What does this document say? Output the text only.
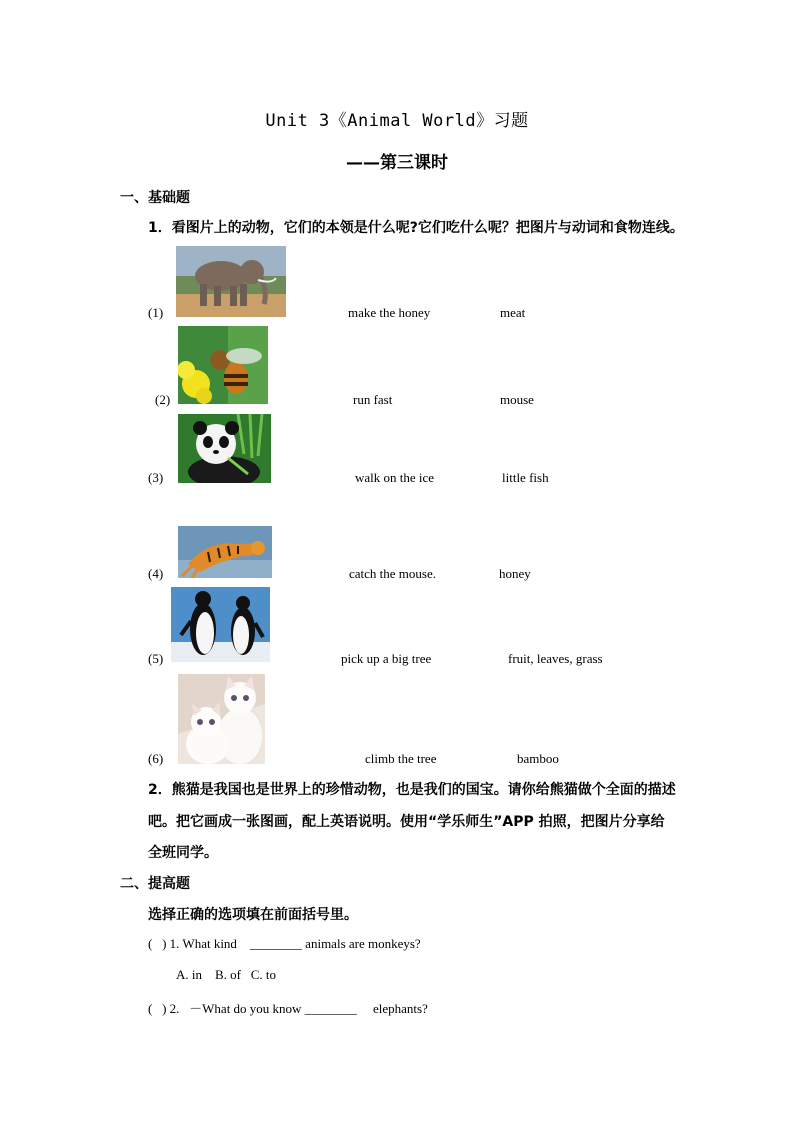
Unit 3《Animal World》习题
——第三课时
一、基础题
1．看图片上的动物，它们的本领是什么呢?它们吃什么呢？把图片与动词和食物连线。
(1)	make the honey	meat
(2)	run fast	mouse
(3)	walk on the ice	little fish
(4)	catch the mouse.	honey
(5)	pick up a big tree	fruit, leaves, grass
(6)	climb the tree	bamboo
2．熊猫是我国也是世界上的珍惜动物，也是我们的国宝。请你给熊猫做个全面的描述
吧。把它画成一张图画，配上英语说明。使用“学乐师生”APP 拍照，把图片分享给
全班同学。
二、提高题
选择正确的选项填在前面括号里。
(   ) 1. What kind    ________ animals are monkeys?
A. in    B. of   C. to
(   ) 2.   －What do you know ________     elephants?
